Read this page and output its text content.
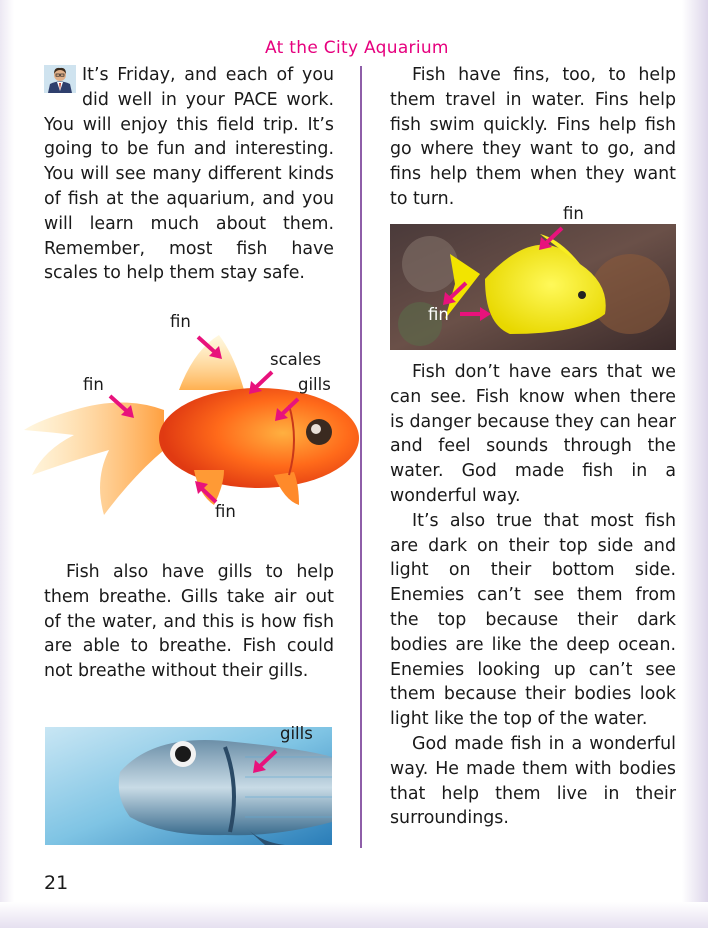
At the City Aquarium

It’s Friday, and each of you did well in your PACE work. You will enjoy this field trip. It’s going to be fun and interesting. You will see many different kinds of fish at the aquarium, and you will learn much about them. Remember, most fish have scales to help them stay safe.

fin
scales
gills
fin
fin

Fish also have gills to help them breathe. Gills take air out of the water, and this is how fish are able to breathe. Fish could not breathe without their gills.

gills

Fish have fins, too, to help them travel in water. Fins help fish swim quickly. Fins help fish go where they want to go, and fins help them when they want to turn.

fin
fin

Fish don’t have ears that we can see. Fish know when there is danger because they can hear and feel sounds through the water. God made fish in a wonderful way.

It’s also true that most fish are dark on their top side and light on their bottom side. Enemies can’t see them from the top because their dark bodies are like the deep ocean. Enemies looking up can’t see them because their bodies look light like the top of the water.

God made fish in a wonderful way. He made them with bodies that help them live in their surroundings.

21
